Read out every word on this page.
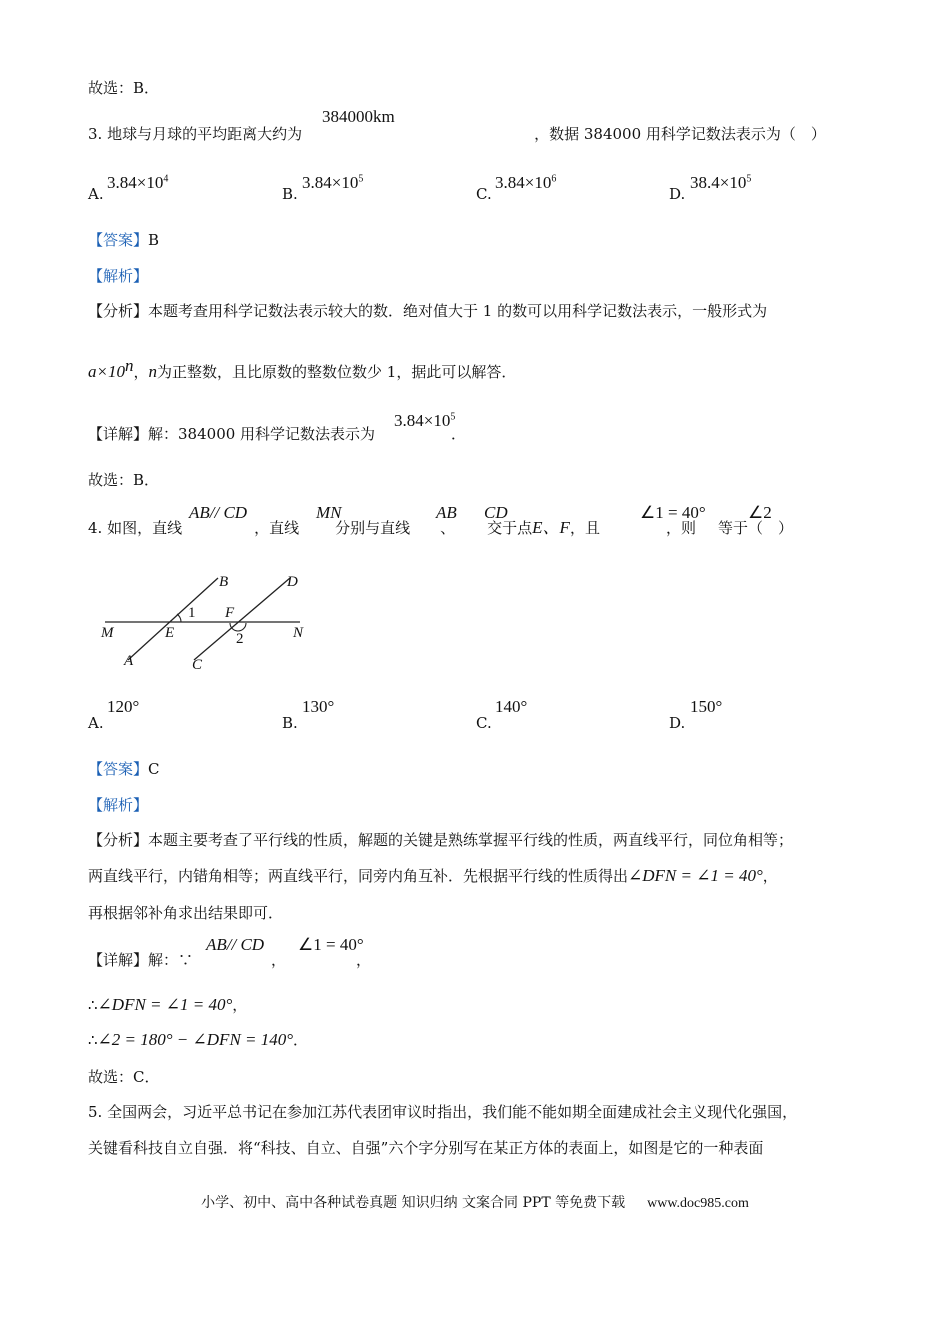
故选：B．
3. 地球与月球的平均距离大约为	，数据 384000 用科学记数法表示为（　）
384000km
A.
$3.84\times 10^4$
B.
$3.84\times 10^5$
C.
$3.84\times 10^6$
D.
$38.4\times 10^5$
【答案】B
【解析】
【分析】本题考查用科学记数法表示较大的数．绝对值大于 1 的数可以用科学记数法表示，一般形式为
$a\times 10^n$，n为正整数，且比原数的整数位数少 1，据此可以解答．
【详解】解：384000 用科学记数法表示为	．
$3.84\times 10^5$
故选：B．
4. 如图，直线	，直线 分别与直线 、 交于点E、F，且	，则 等于（　）
AB// CD	MN	AB CD	∠1 = 40° ∠2
B	D
1 F
M	E	2	N
A	C
A.
120°
B.
130°
C.
140°
D.
150°
【答案】C
【解析】
【分析】本题主要考查了平行线的性质，解题的关键是熟练掌握平行线的性质，两直线平行，同位角相等；
两直线平行，内错角相等；两直线平行，同旁内角互补．先根据平行线的性质得出∠DFN = ∠1 = 40°，
再根据邻补角求出结果即可．
【详解】解：∵	，	，
AB// CD ∠1 = 40°
∴∠DFN = ∠1 = 40°，
∴∠2 = 180° − ∠DFN = 140°．
故选：C．
5. 全国两会，习近平总书记在参加江苏代表团审议时指出，我们能不能如期全面建成社会主义现代化强国，
关键看科技自立自强．将“科技、自立、自强”六个字分别写在某正方体的表面上，如图是它的一种表面
小学、初中、高中各种试卷真题 知识归纳 文案合同 PPT 等免费下载 www.doc985.com
